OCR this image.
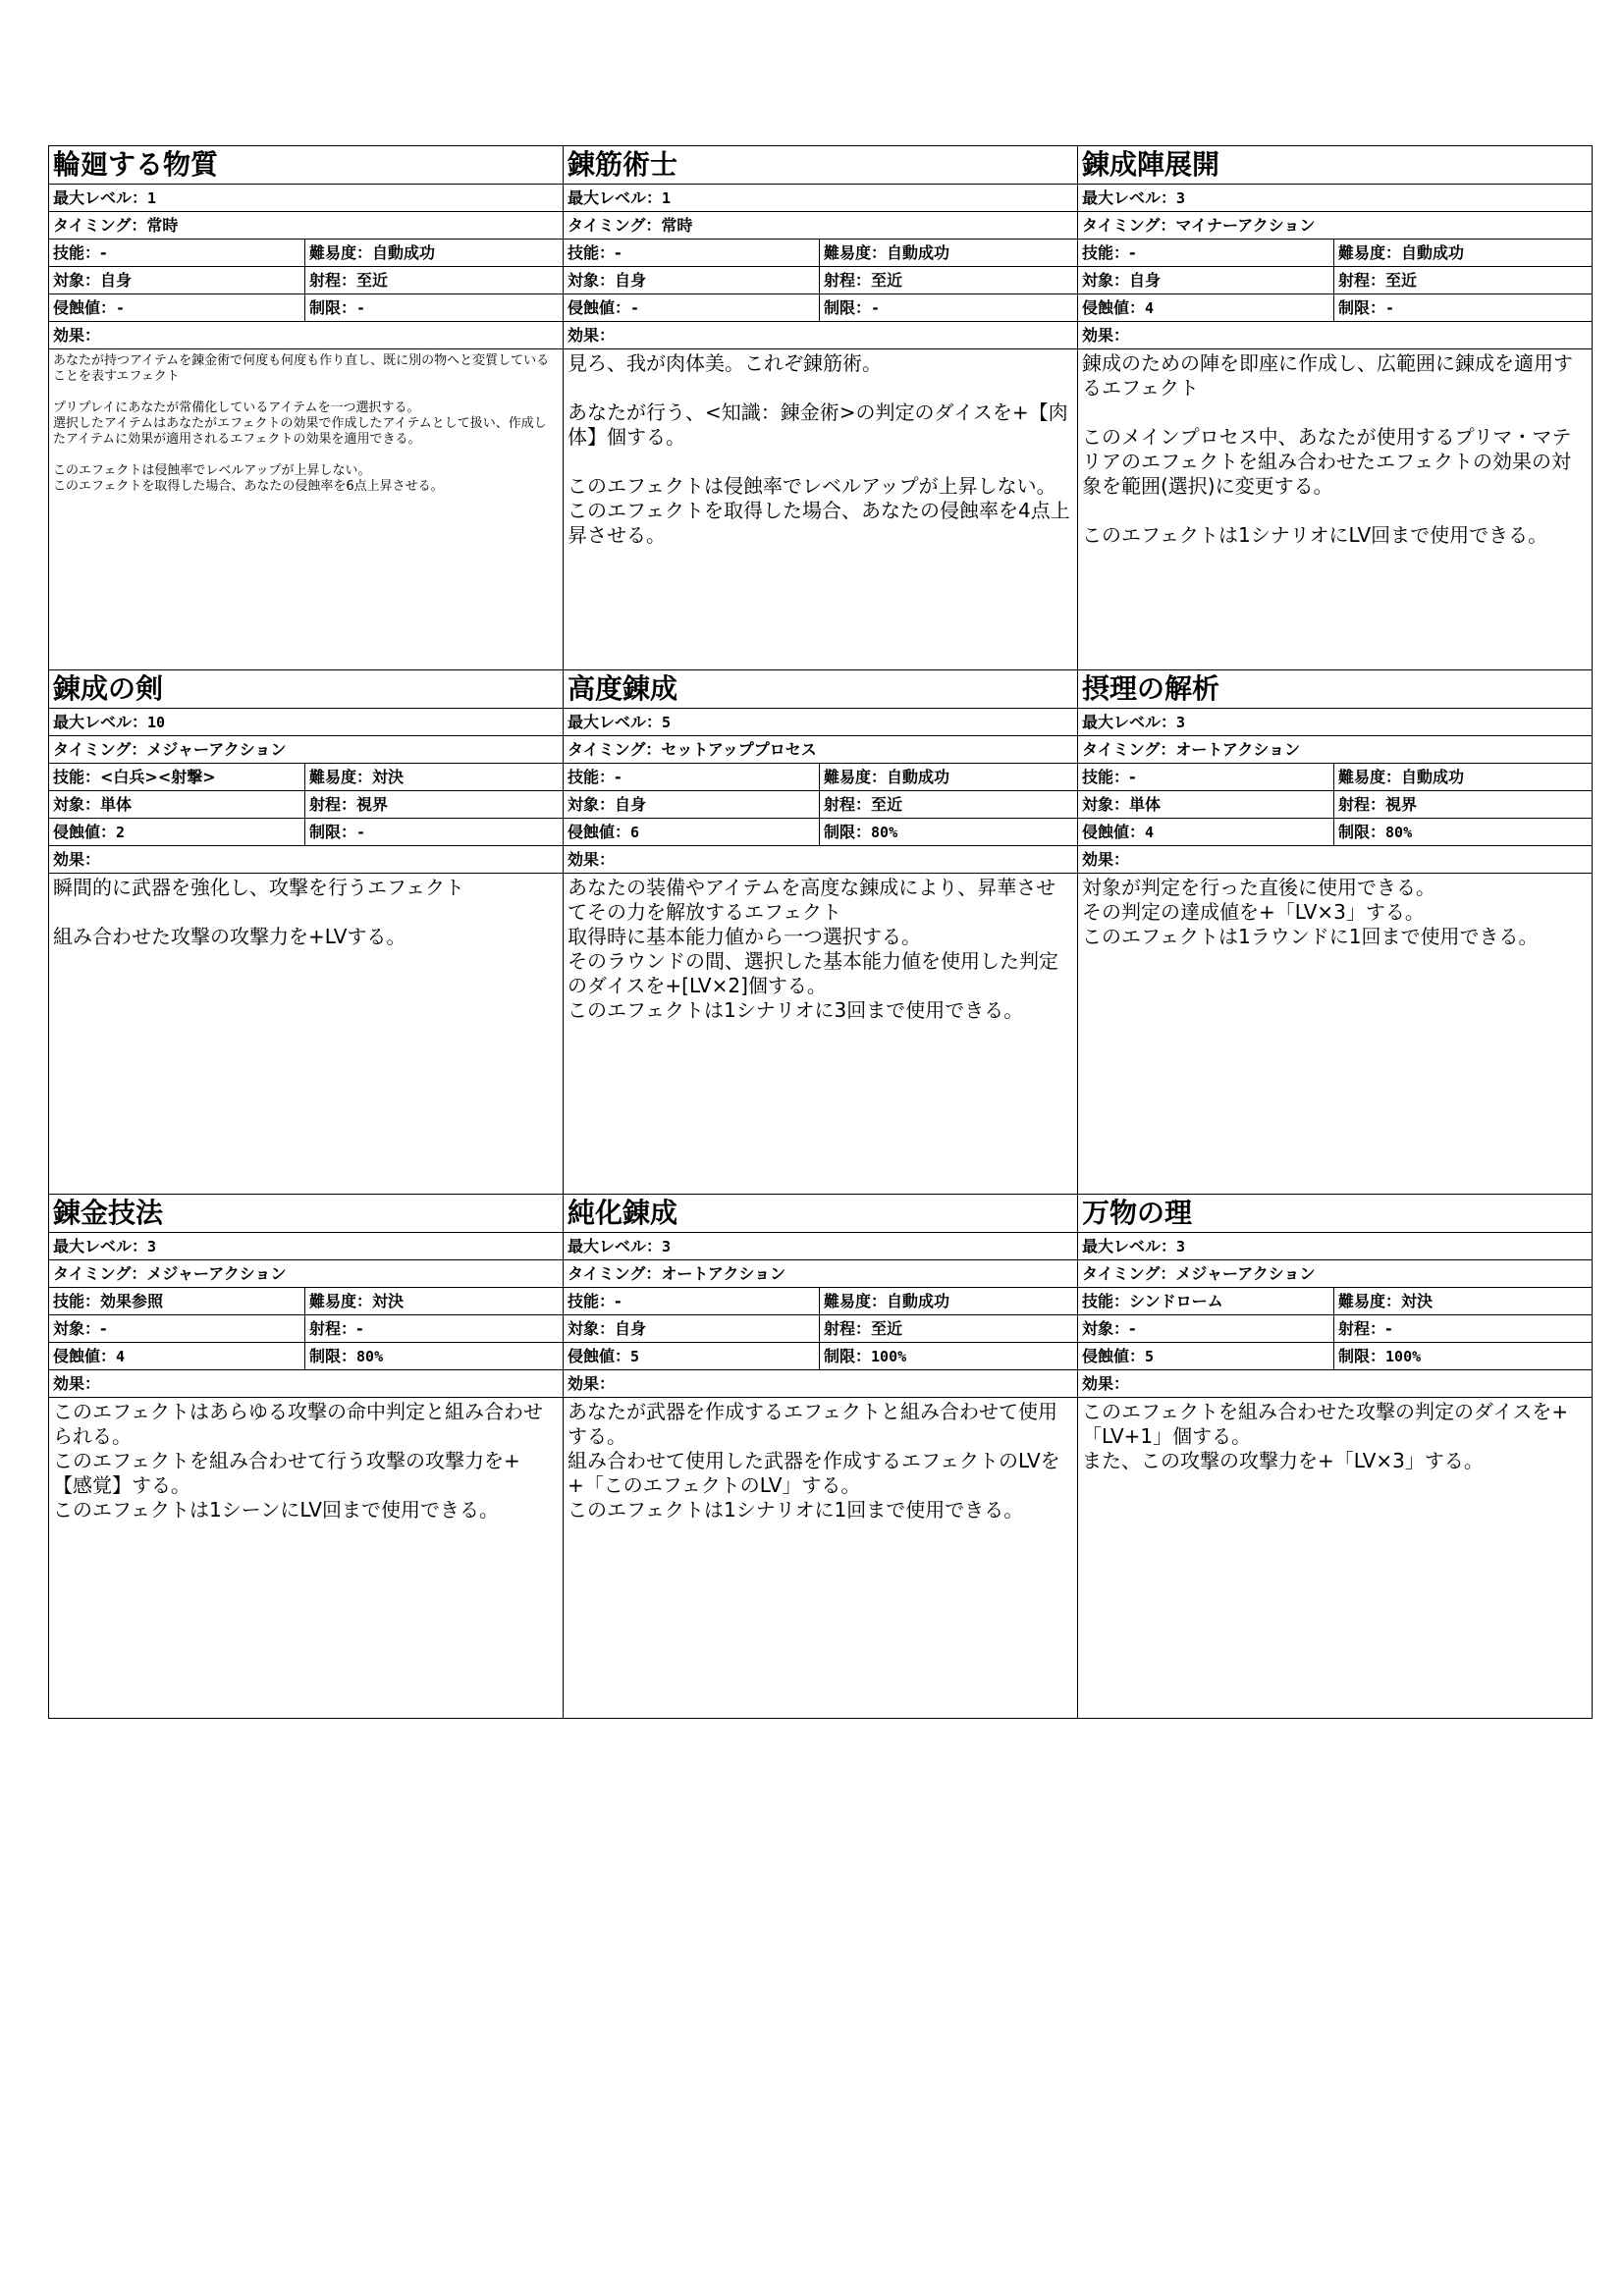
輪廻する物質
最大レベル：1
タイミング：常時
技能：-	難易度：自動成功
対象：自身	射程：至近
侵蝕値：-	制限：-
効果：
あなたが持つアイテムを錬金術で何度も何度も作り直し、既に別の物へと変質していることを表すエフェクト

プリプレイにあなたが常備化しているアイテムを一つ選択する。
選択したアイテムはあなたがエフェクトの効果で作成したアイテムとして扱い、作成したアイテムに効果が適用されるエフェクトの効果を適用できる。

このエフェクトは侵蝕率でレベルアップが上昇しない。
このエフェクトを取得した場合、あなたの侵蝕率を6点上昇させる。
錬筋術士
最大レベル：1
タイミング：常時
技能：-	難易度：自動成功
対象：自身	射程：至近
侵蝕値：-	制限：-
効果：
見ろ、我が肉体美。これぞ錬筋術。

あなたが行う、<知識：錬金術>の判定のダイスを+【肉体】個する。

このエフェクトは侵蝕率でレベルアップが上昇しない。
このエフェクトを取得した場合、あなたの侵蝕率を4点上昇させる。
錬成陣展開
最大レベル：3
タイミング：マイナーアクション
技能：-	難易度：自動成功
対象：自身	射程：至近
侵蝕値：4	制限：-
効果：
錬成のための陣を即座に作成し、広範囲に錬成を適用するエフェクト

このメインプロセス中、あなたが使用するプリマ・マテリアのエフェクトを組み合わせたエフェクトの効果の対象を範囲(選択)に変更する。

このエフェクトは1シナリオにLV回まで使用できる。
錬成の剣
最大レベル：10
タイミング：メジャーアクション
技能：<白兵><射撃>	難易度：対決
対象：単体	射程：視界
侵蝕値：2	制限：-
効果：
瞬間的に武器を強化し、攻撃を行うエフェクト

組み合わせた攻撃の攻撃力を+LVする。
高度錬成
最大レベル：5
タイミング：セットアッププロセス
技能：-	難易度：自動成功
対象：自身	射程：至近
侵蝕値：6	制限：80%
効果：
あなたの装備やアイテムを高度な錬成により、昇華させてその力を解放するエフェクト
取得時に基本能力値から一つ選択する。
そのラウンドの間、選択した基本能力値を使用した判定のダイスを+[LV×2]個する。
このエフェクトは1シナリオに3回まで使用できる。
摂理の解析
最大レベル：3
タイミング：オートアクション
技能：-	難易度：自動成功
対象：単体	射程：視界
侵蝕値：4	制限：80%
効果：
対象が判定を行った直後に使用できる。
その判定の達成値を+「LV×3」する。
このエフェクトは1ラウンドに1回まで使用できる。
錬金技法
最大レベル：3
タイミング：メジャーアクション
技能：効果参照	難易度：対決
対象：-	射程：-
侵蝕値：4	制限：80%
効果：
このエフェクトはあらゆる攻撃の命中判定と組み合わせられる。
このエフェクトを組み合わせて行う攻撃の攻撃力を+【感覚】する。
このエフェクトは1シーンにLV回まで使用できる。
純化錬成
最大レベル：3
タイミング：オートアクション
技能：-	難易度：自動成功
対象：自身	射程：至近
侵蝕値：5	制限：100%
効果：
あなたが武器を作成するエフェクトと組み合わせて使用する。
組み合わせて使用した武器を作成するエフェクトのLVを+「このエフェクトのLV」する。
このエフェクトは1シナリオに1回まで使用できる。
万物の理
最大レベル：3
タイミング：メジャーアクション
技能：シンドローム	難易度：対決
対象：-	射程：-
侵蝕値：5	制限：100%
効果：
このエフェクトを組み合わせた攻撃の判定のダイスを+「LV+1」個する。
また、この攻撃の攻撃力を+「LV×3」する。
